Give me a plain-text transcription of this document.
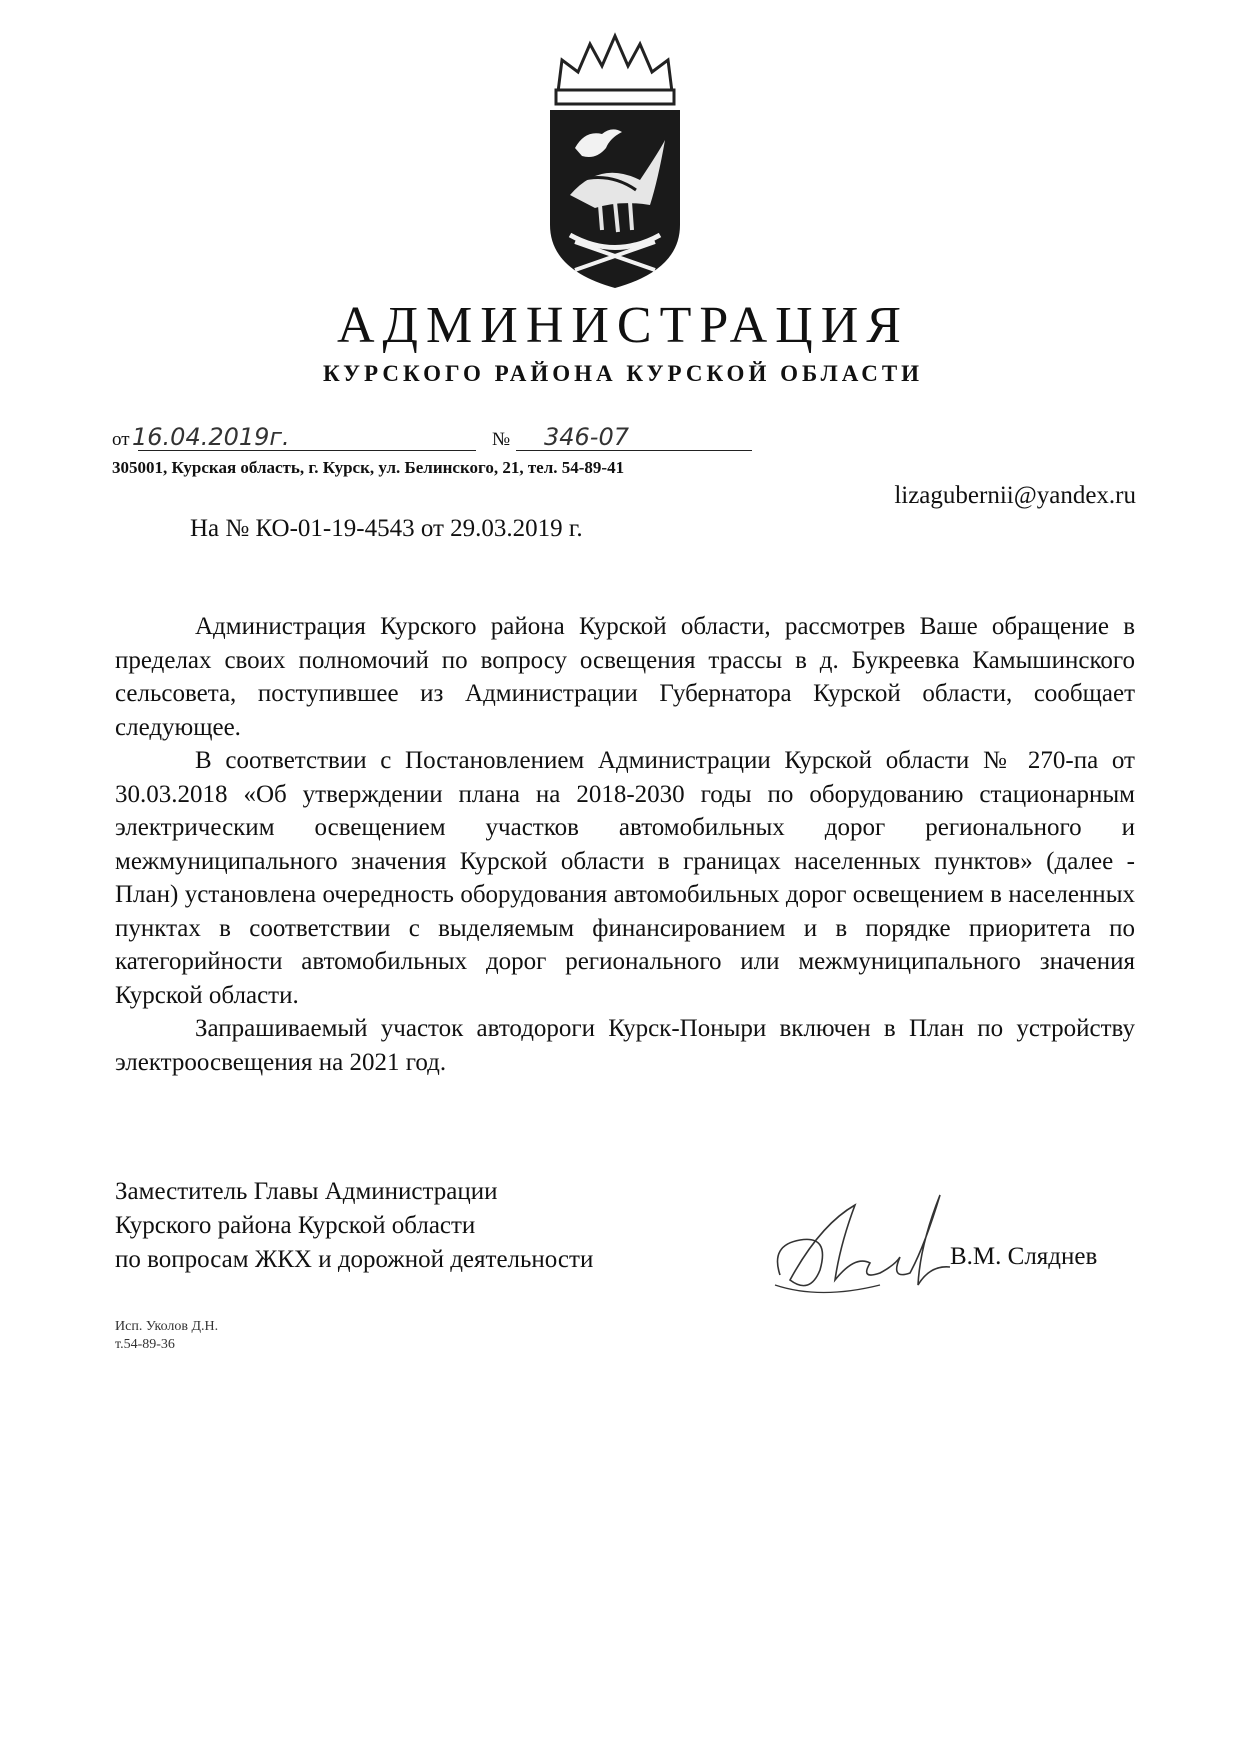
АДМИНИСТРАЦИЯ
КУРСКОГО РАЙОНА КУРСКОЙ ОБЛАСТИ
от 16.04.2019г.	№ 346-07
305001, Курская область, г. Курск, ул. Белинского, 21, тел. 54-89-41
lizagubernii@yandex.ru
На № КО-01-19-4543 от 29.03.2019 г.

Администрация Курского района Курской области, рассмотрев Ваше обращение в пределах своих полномочий по вопросу освещения трассы в д. Букреевка Камышинского сельсовета, поступившее из Администрации Губернатора Курской области, сообщает следующее.

В соответствии с Постановлением Администрации Курской области № 270-па от 30.03.2018 «Об утверждении плана на 2018-2030 годы по оборудованию стационарным электрическим освещением участков автомобильных дорог регионального и межмуниципального значения Курской области в границах населенных пунктов» (далее - План) установлена очередность оборудования автомобильных дорог освещением в населенных пунктах в соответствии с выделяемым финансированием и в порядке приоритета по категорийности автомобильных дорог регионального или межмуниципального значения Курской области.

Запрашиваемый участок автодороги Курск-Поныри включен в План по устройству электроосвещения на 2021 год.

Заместитель Главы Администрации
Курского района Курской области
по вопросам ЖКХ и дорожной деятельности	В.М. Сляднев
Исп. Уколов Д.Н.
т.54-89-36
